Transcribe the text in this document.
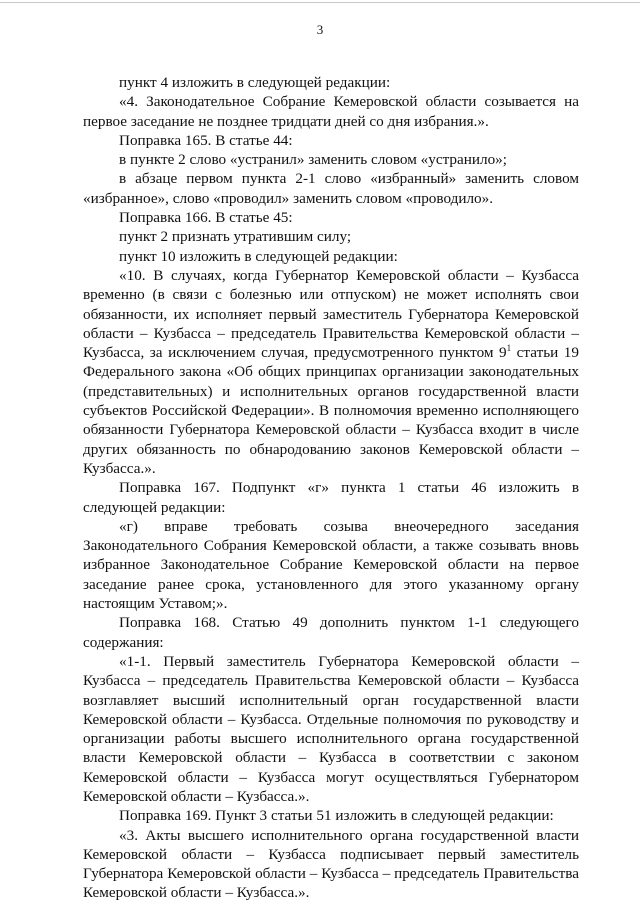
3

пункт 4 изложить в следующей редакции:

«4. Законодательное Собрание Кемеровской области созывается на первое заседание не позднее тридцати дней со дня избрания.».

Поправка 165. В статье 44:

в пункте 2 слово «устранил» заменить словом «устранило»;

в абзаце первом пункта 2-1 слово «избранный» заменить словом «избранное», слово «проводил» заменить словом «проводило».

Поправка 166. В статье 45:

пункт 2 признать утратившим силу;

пункт 10 изложить в следующей редакции:

«10. В случаях, когда Губернатор Кемеровской области – Кузбасса временно (в связи с болезнью или отпуском) не может исполнять свои обязанности, их исполняет первый заместитель Губернатора Кемеровской области – Кузбасса – председатель Правительства Кемеровской области – Кузбасса, за исключением случая, предусмотренного пунктом $9^1$ статьи 19 Федерального закона «Об общих принципах организации законодательных (представительных) и исполнительных органов государственной власти субъектов Российской Федерации». В полномочия временно исполняющего обязанности Губернатора Кемеровской области – Кузбасса входит в числе других обязанность по обнародованию законов Кемеровской области – Кузбасса.».

Поправка 167. Подпункт «г» пункта 1 статьи 46 изложить в следующей редакции:

«г) вправе требовать созыва внеочередного заседания Законодательного Собрания Кемеровской области, а также созывать вновь избранное Законодательное Собрание Кемеровской области на первое заседание ранее срока, установленного для этого указанному органу настоящим Уставом;».

Поправка 168. Статью 49 дополнить пунктом 1-1 следующего содержания:

«1-1. Первый заместитель Губернатора Кемеровской области – Кузбасса – председатель Правительства Кемеровской области – Кузбасса возглавляет высший исполнительный орган государственной власти Кемеровской области – Кузбасса. Отдельные полномочия по руководству и организации работы высшего исполнительного органа государственной власти Кемеровской области – Кузбасса в соответствии с законом Кемеровской области – Кузбасса могут осуществляться Губернатором Кемеровской области – Кузбасса.».

Поправка 169. Пункт 3 статьи 51 изложить в следующей редакции:

«3. Акты высшего исполнительного органа государственной власти Кемеровской области – Кузбасса подписывает первый заместитель Губернатора Кемеровской области – Кузбасса – председатель Правительства Кемеровской области – Кузбасса.».
